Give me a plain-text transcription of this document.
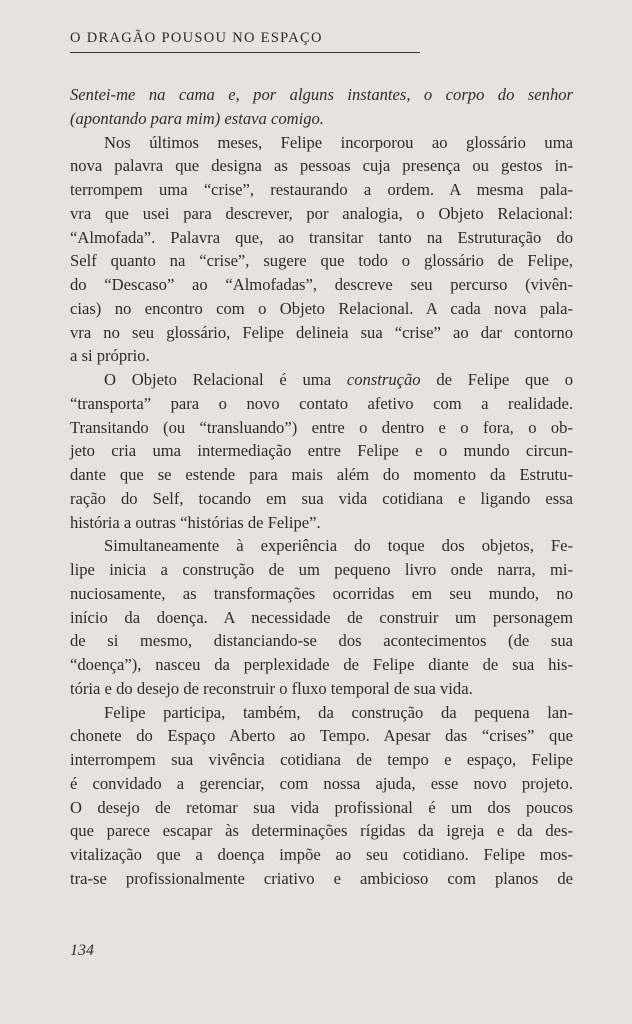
O DRAGÃO POUSOU NO ESPAÇO
Sentei-me na cama e, por alguns instantes, o corpo do senhor
(apontando para mim) estava comigo.
Nos últimos meses, Felipe incorporou ao glossário uma
nova palavra que designa as pessoas cuja presença ou gestos in-
terrompem uma “crise”, restaurando a ordem. A mesma pala-
vra que usei para descrever, por analogia, o Objeto Relacional:
“Almofada”. Palavra que, ao transitar tanto na Estruturação do
Self quanto na “crise”, sugere que todo o glossário de Felipe,
do “Descaso” ao “Almofadas”, descreve seu percurso (vivên-
cias) no encontro com o Objeto Relacional. A cada nova pala-
vra no seu glossário, Felipe delineia sua “crise” ao dar contorno
a si próprio.
O Objeto Relacional é uma construção de Felipe que o
“transporta” para o novo contato afetivo com a realidade.
Transitando (ou “transluando”) entre o dentro e o fora, o ob-
jeto cria uma intermediação entre Felipe e o mundo circun-
dante que se estende para mais além do momento da Estrutu-
ração do Self, tocando em sua vida cotidiana e ligando essa
história a outras “histórias de Felipe”.
Simultaneamente à experiência do toque dos objetos, Fe-
lipe inicia a construção de um pequeno livro onde narra, mi-
nuciosamente, as transformações ocorridas em seu mundo, no
início da doença. A necessidade de construir um personagem
de si mesmo, distanciando-se dos acontecimentos (de sua
“doença”), nasceu da perplexidade de Felipe diante de sua his-
tória e do desejo de reconstruir o fluxo temporal de sua vida.
Felipe participa, também, da construção da pequena lan-
chonete do Espaço Aberto ao Tempo. Apesar das “crises” que
interrompem sua vivência cotidiana de tempo e espaço, Felipe
é convidado a gerenciar, com nossa ajuda, esse novo projeto.
O desejo de retomar sua vida profissional é um dos poucos
que parece escapar às determinações rígidas da igreja e da des-
vitalização que a doença impõe ao seu cotidiano. Felipe mos-
tra-se profissionalmente criativo e ambicioso com planos de
134
